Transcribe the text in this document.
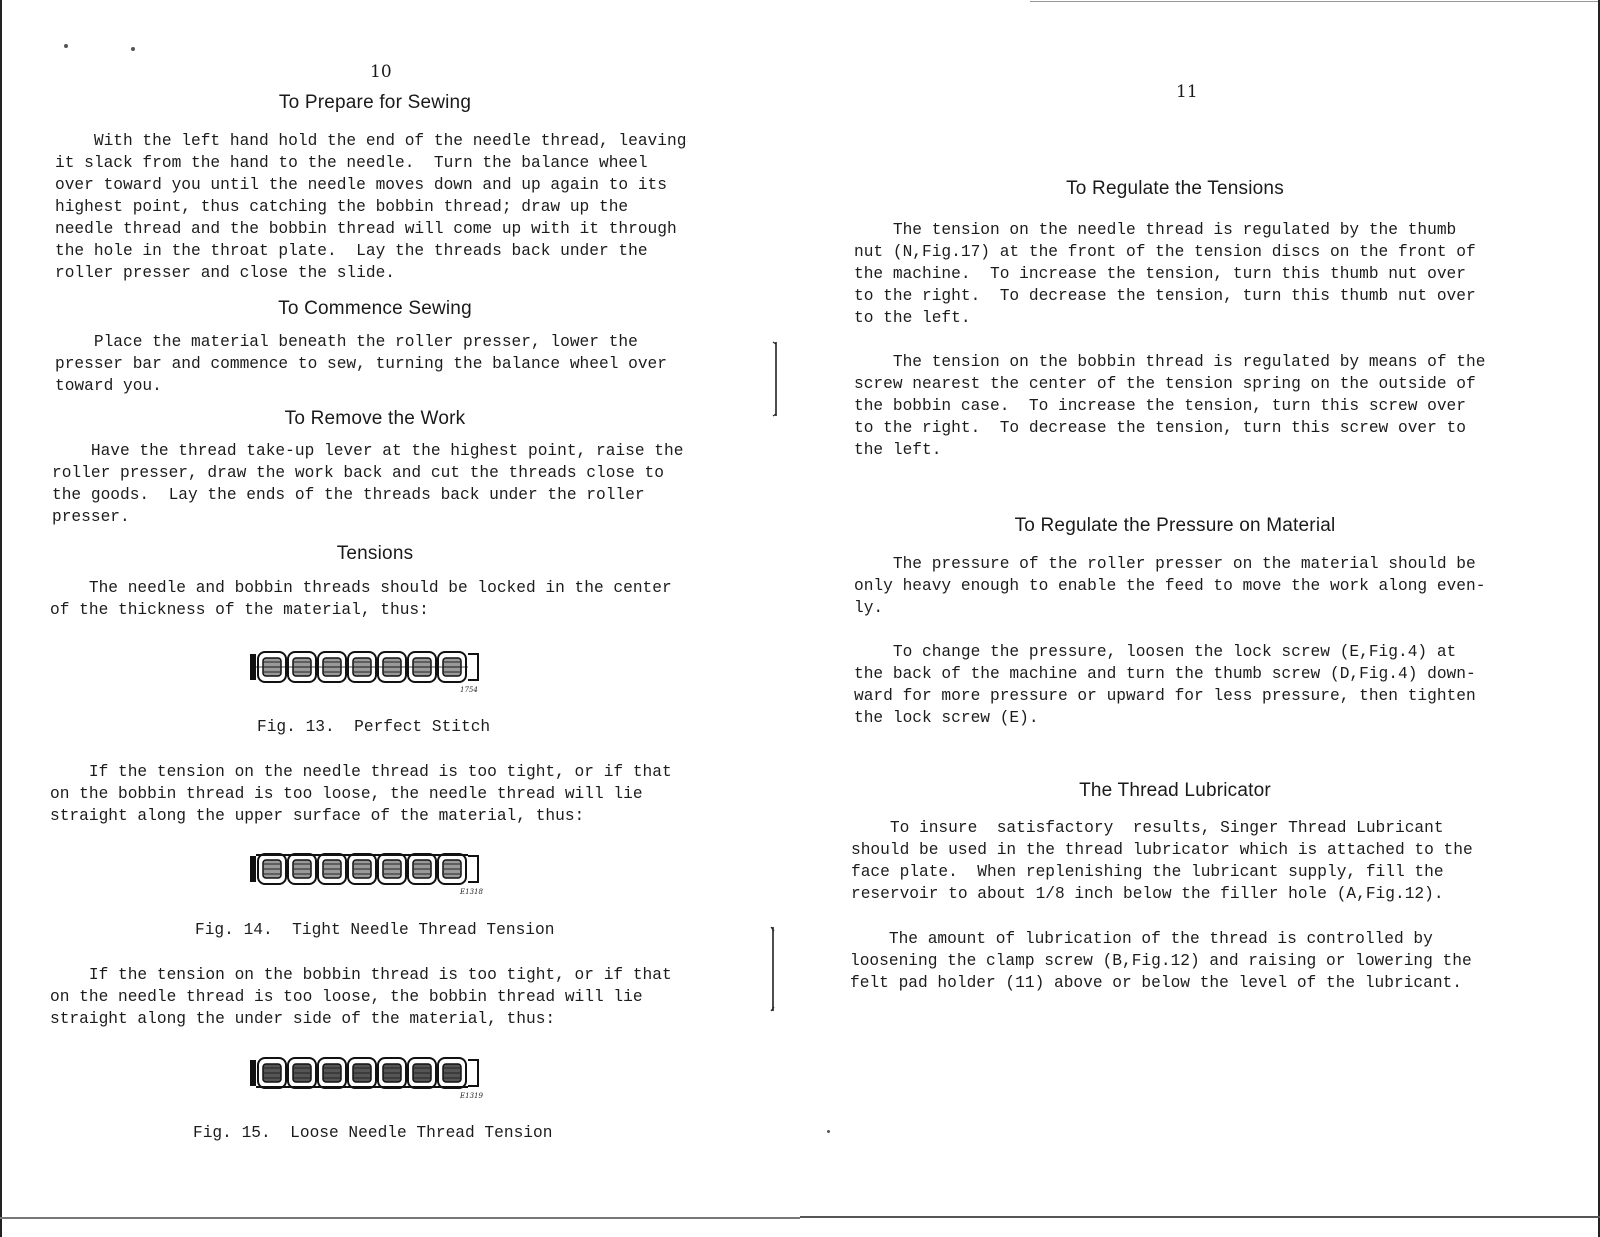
10
To Prepare for Sewing
With the left hand hold the end of the needle thread, leaving
it slack from the hand to the needle.  Turn the balance wheel
over toward you until the needle moves down and up again to its
highest point, thus catching the bobbin thread; draw up the
needle thread and the bobbin thread will come up with it through
the hole in the throat plate.  Lay the threads back under the
roller presser and close the slide.
To Commence Sewing
Place the material beneath the roller presser, lower the
presser bar and commence to sew, turning the balance wheel over
toward you.
To Remove the Work
Have the thread take-up lever at the highest point, raise the
roller presser, draw the work back and cut the threads close to
the goods.  Lay the ends of the threads back under the roller
presser.
Tensions
The needle and bobbin threads should be locked in the center
of the thickness of the material, thus:
1754
Fig. 13.  Perfect Stitch
If the tension on the needle thread is too tight, or if that
on the bobbin thread is too loose, the needle thread will lie
straight along the upper surface of the material, thus:
E1318
Fig. 14.  Tight Needle Thread Tension
If the tension on the bobbin thread is too tight, or if that
on the needle thread is too loose, the bobbin thread will lie
straight along the under side of the material, thus:
E1319
Fig. 15.  Loose Needle Thread Tension
11
To Regulate the Tensions
The tension on the needle thread is regulated by the thumb
nut (N,Fig.17) at the front of the tension discs on the front of
the machine.  To increase the tension, turn this thumb nut over
to the right.  To decrease the tension, turn this thumb nut over
to the left.
The tension on the bobbin thread is regulated by means of the
screw nearest the center of the tension spring on the outside of
the bobbin case.  To increase the tension, turn this screw over
to the right.  To decrease the tension, turn this screw over to
the left.
To Regulate the Pressure on Material
The pressure of the roller presser on the material should be
only heavy enough to enable the feed to move the work along even-
ly.
To change the pressure, loosen the lock screw (E,Fig.4) at
the back of the machine and turn the thumb screw (D,Fig.4) down-
ward for more pressure or upward for less pressure, then tighten
the lock screw (E).
The Thread Lubricator
To insure  satisfactory  results, Singer Thread Lubricant
should be used in the thread lubricator which is attached to the
face plate.  When replenishing the lubricant supply, fill the
reservoir to about 1/8 inch below the filler hole (A,Fig.12).
The amount of lubrication of the thread is controlled by
loosening the clamp screw (B,Fig.12) and raising or lowering the
felt pad holder (11) above or below the level of the lubricant.
